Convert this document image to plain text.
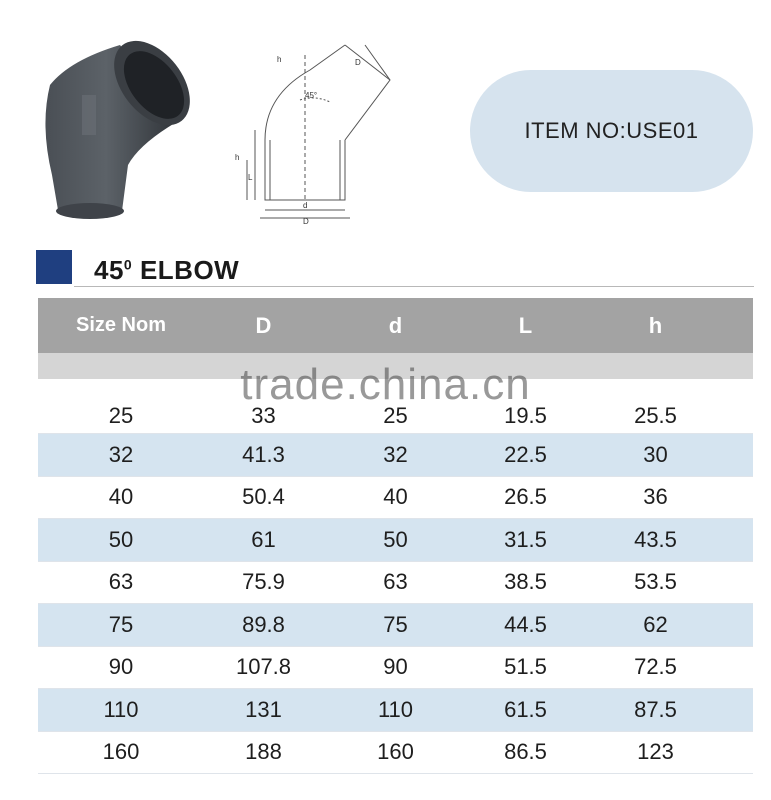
45°
h	D
L
h
d
D
ITEM NO:USE01
$45^0$ ELBOW
Size Nom	D	d	L	h
25	33	25	19.5	25.5
32	41.3	32	22.5	30
40	50.4	40	26.5	36
50	61	50	31.5	43.5
63	75.9	63	38.5	53.5
75	89.8	75	44.5	62
90	107.8	90	51.5	72.5
110	131	110	61.5	87.5
160	188	160	86.5	123
trade.china.cn
